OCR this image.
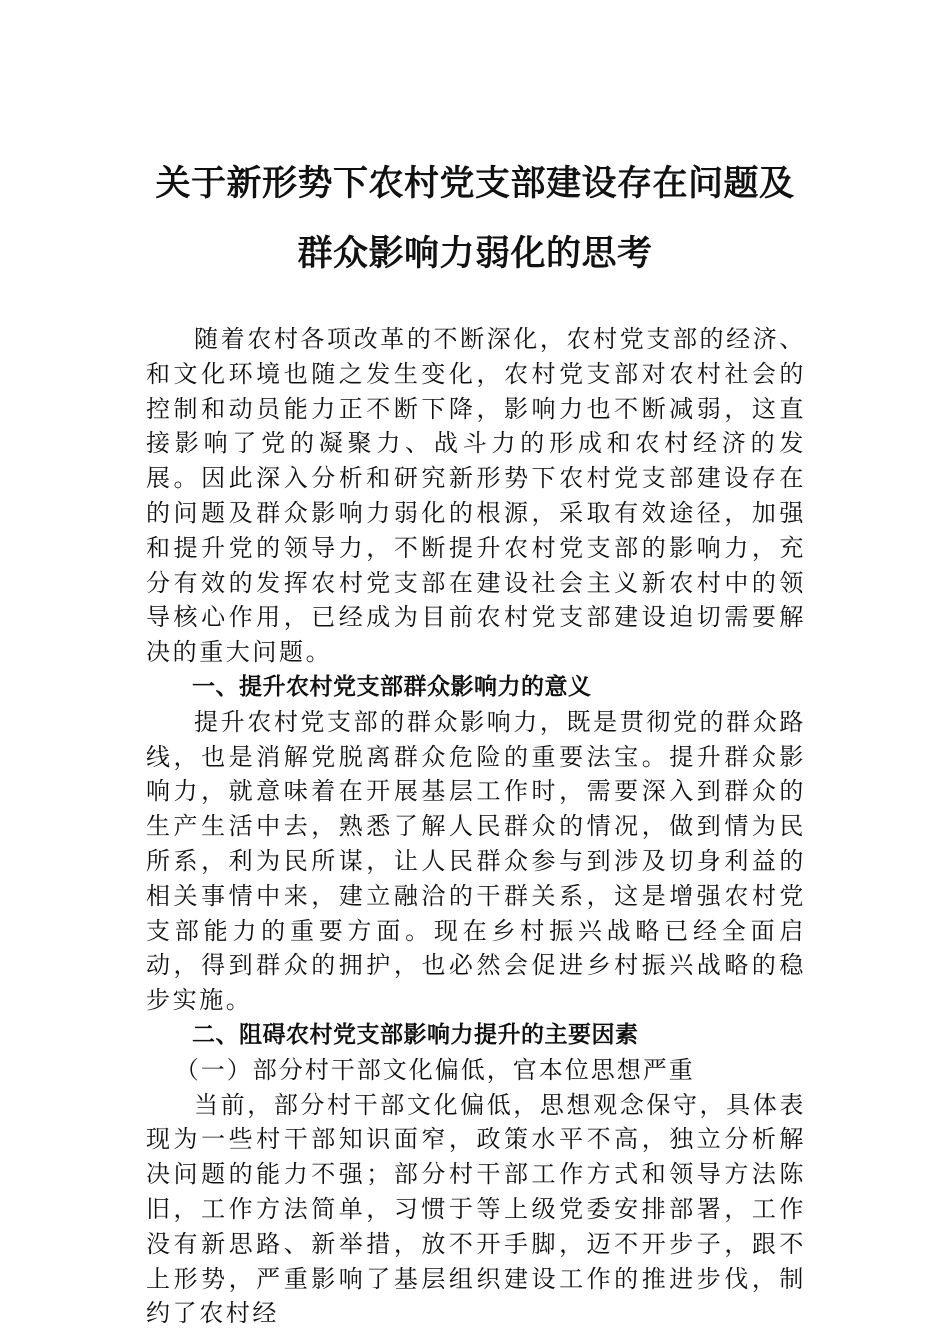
关于新形势下农村党支部建设存在问题及
群众影响力弱化的思考

随着农村各项改革的不断深化，农村党支部的经济、和文化环境也随之发生变化，农村党支部对农村社会的控制和动员能力正不断下降，影响力也不断减弱，这直接影响了党的凝聚力、战斗力的形成和农村经济的发展。因此深入分析和研究新形势下农村党支部建设存在的问题及群众影响力弱化的根源，采取有效途径，加强和提升党的领导力，不断提升农村党支部的影响力，充分有效的发挥农村党支部在建设社会主义新农村中的领导核心作用，已经成为目前农村党支部建设迫切需要解决的重大问题。

一、提升农村党支部群众影响力的意义

提升农村党支部的群众影响力，既是贯彻党的群众路线，也是消解党脱离群众危险的重要法宝。提升群众影响力，就意味着在开展基层工作时，需要深入到群众的生产生活中去，熟悉了解人民群众的情况，做到情为民所系，利为民所谋，让人民群众参与到涉及切身利益的相关事情中来，建立融洽的干群关系，这是增强农村党支部能力的重要方面。现在乡村振兴战略已经全面启动，得到群众的拥护，也必然会促进乡村振兴战略的稳步实施。

二、阻碍农村党支部影响力提升的主要因素

（一）部分村干部文化偏低，官本位思想严重

当前，部分村干部文化偏低，思想观念保守，具体表现为一些村干部知识面窄，政策水平不高，独立分析解决问题的能力不强；部分村干部工作方式和领导方法陈旧，工作方法简单，习惯于等上级党委安排部署，工作没有新思路、新举措，放不开手脚，迈不开步子，跟不上形势，严重影响了基层组织建设工作的推进步伐，制约了农村经
